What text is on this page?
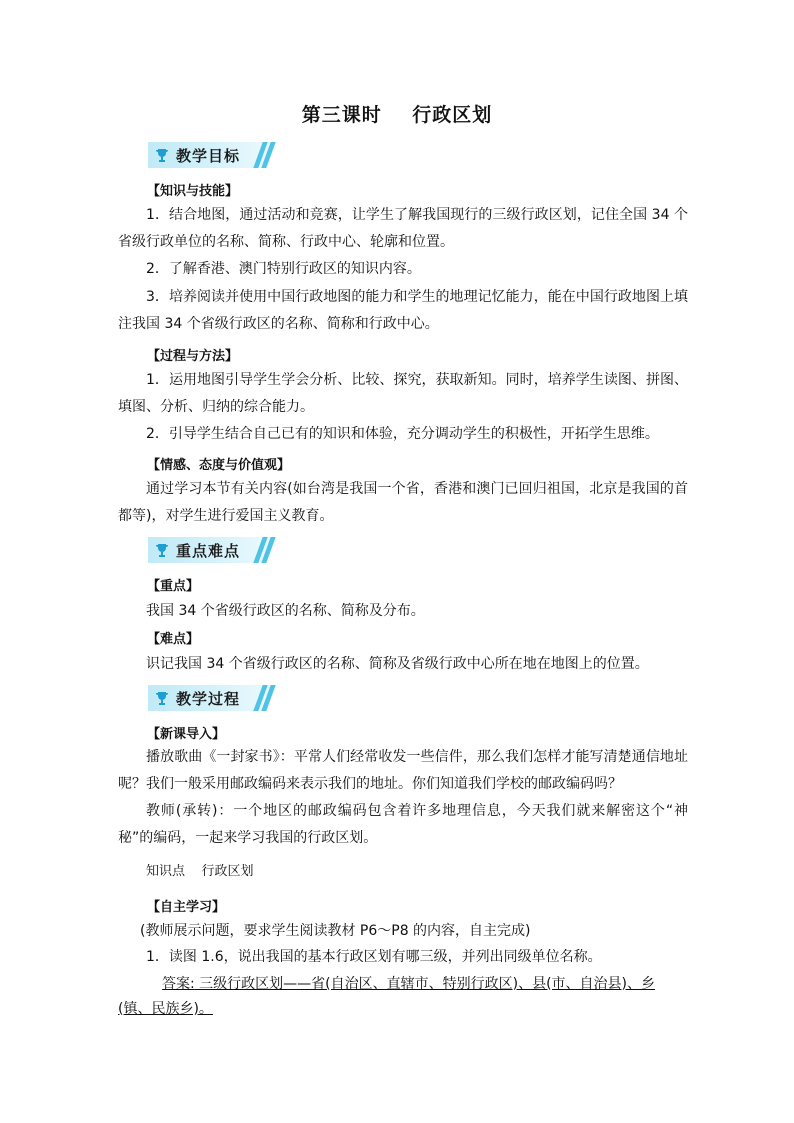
第三课时    行政区划
教学目标
【知识与技能】
1．结合地图，通过活动和竞赛，让学生了解我国现行的三级行政区划，记住全国 34 个省级行政单位的名称、简称、行政中心、轮廓和位置。
2．了解香港、澳门特别行政区的知识内容。
3．培养阅读并使用中国行政地图的能力和学生的地理记忆能力，能在中国行政地图上填注我国 34 个省级行政区的名称、简称和行政中心。
【过程与方法】
1．运用地图引导学生学会分析、比较、探究，获取新知。同时，培养学生读图、拼图、填图、分析、归纳的综合能力。
2．引导学生结合自己已有的知识和体验，充分调动学生的积极性，开拓学生思维。
【情感、态度与价值观】
通过学习本节有关内容(如台湾是我国一个省，香港和澳门已回归祖国，北京是我国的首都等)，对学生进行爱国主义教育。
重点难点
【重点】
我国 34 个省级行政区的名称、简称及分布。
【难点】
识记我国 34 个省级行政区的名称、简称及省级行政中心所在地在地图上的位置。
教学过程
【新课导入】
播放歌曲《一封家书》：平常人们经常收发一些信件，那么我们怎样才能写清楚通信地址呢？我们一般采用邮政编码来表示我们的地址。你们知道我们学校的邮政编码吗？
教师(承转)：一个地区的邮政编码包含着许多地理信息，今天我们就来解密这个“神秘”的编码，一起来学习我国的行政区划。
知识点    行政区划
【自主学习】
(教师展示问题，要求学生阅读教材 P6～P8 的内容，自主完成)
1．读图 1.6，说出我国的基本行政区划有哪三级，并列出同级单位名称。
答案: 三级行政区划——省(自治区、直辖市、特别行政区)、县(市、自治县)、乡(镇、民族乡)。
